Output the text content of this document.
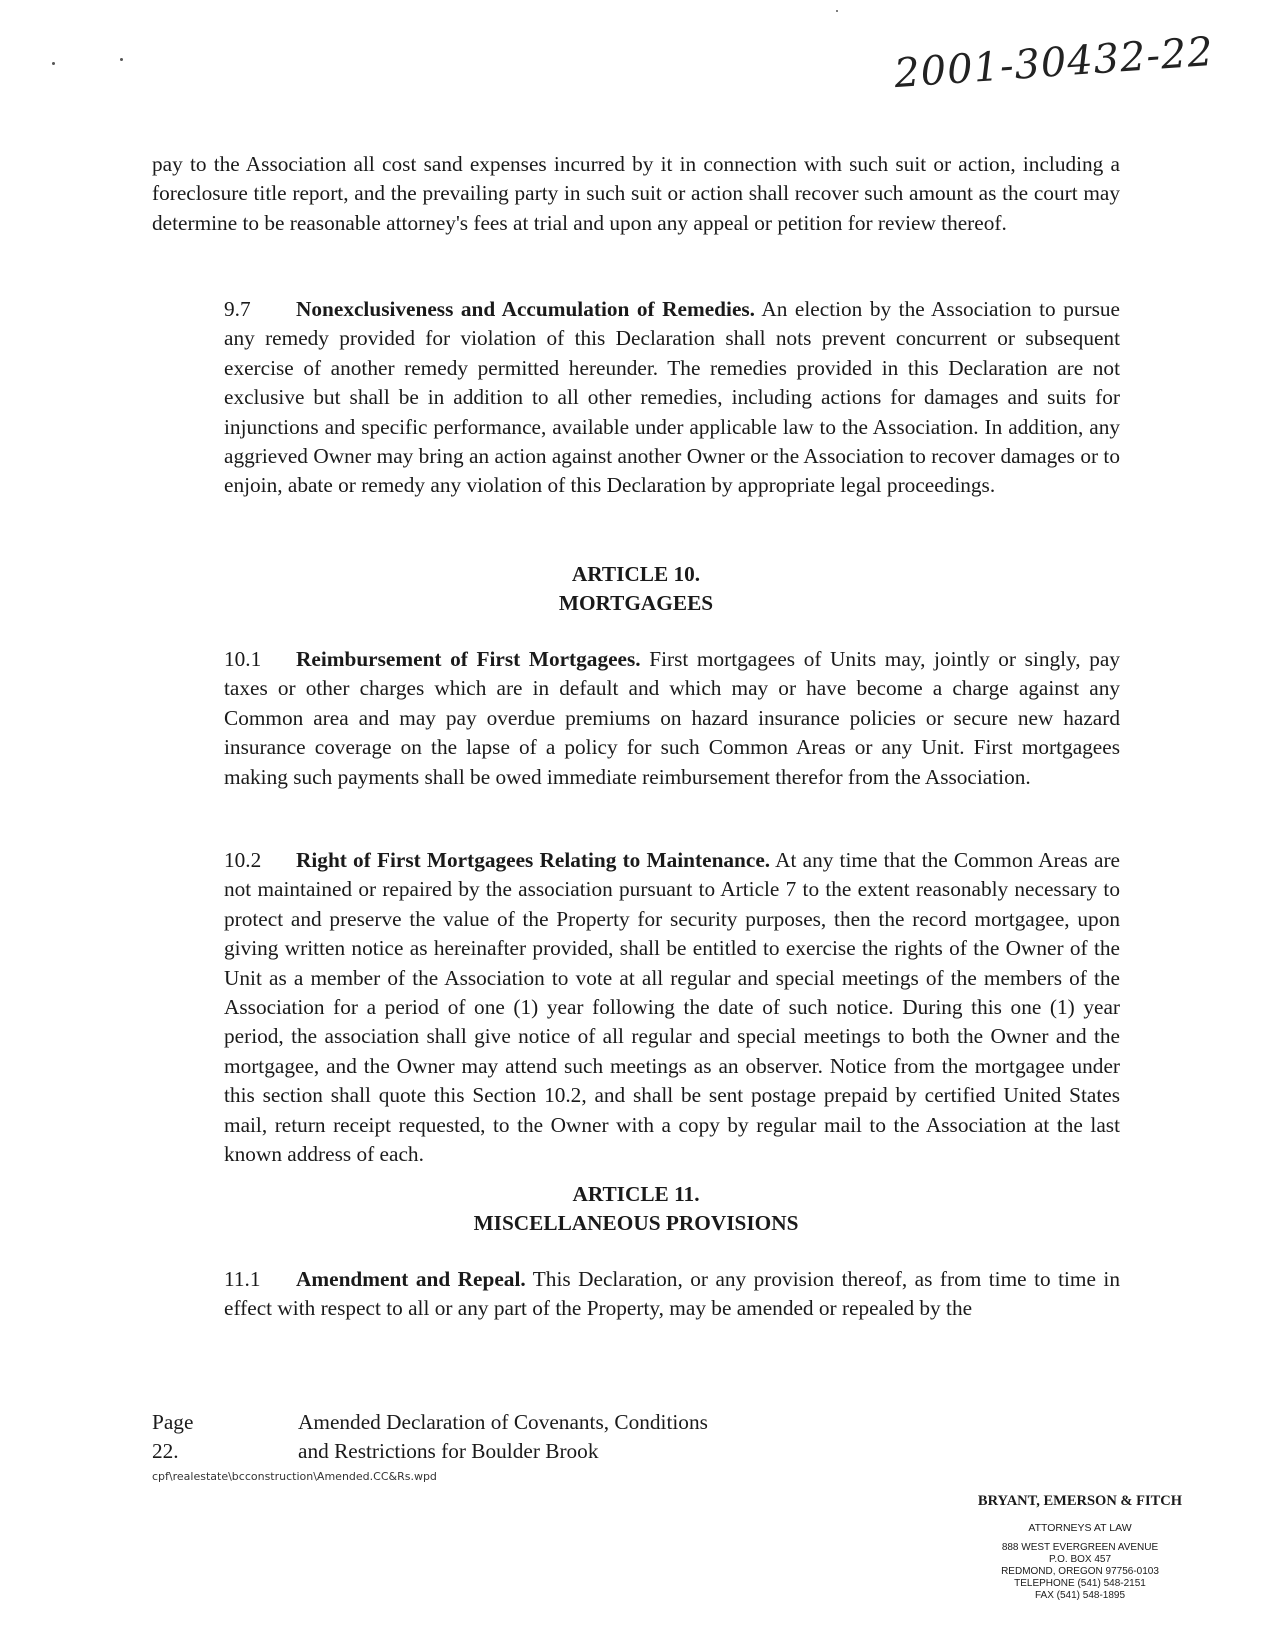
2001-30432-22

pay to the Association all cost sand expenses incurred by it in connection with such suit or action, including a foreclosure title report, and the prevailing party in such suit or action shall recover such amount as the court may determine to be reasonable attorney's fees at trial and upon any appeal or petition for review thereof.

9.7 Nonexclusiveness and Accumulation of Remedies. An election by the Association to pursue any remedy provided for violation of this Declaration shall nots prevent concurrent or subsequent exercise of another remedy permitted hereunder. The remedies provided in this Declaration are not exclusive but shall be in addition to all other remedies, including actions for damages and suits for injunctions and specific performance, available under applicable law to the Association. In addition, any aggrieved Owner may bring an action against another Owner or the Association to recover damages or to enjoin, abate or remedy any violation of this Declaration by appropriate legal proceedings.

ARTICLE 10.
MORTGAGEES

10.1 Reimbursement of First Mortgagees. First mortgagees of Units may, jointly or singly, pay taxes or other charges which are in default and which may or have become a charge against any Common area and may pay overdue premiums on hazard insurance policies or secure new hazard insurance coverage on the lapse of a policy for such Common Areas or any Unit. First mortgagees making such payments shall be owed immediate reimbursement therefor from the Association.

10.2 Right of First Mortgagees Relating to Maintenance. At any time that the Common Areas are not maintained or repaired by the association pursuant to Article 7 to the extent reasonably necessary to protect and preserve the value of the Property for security purposes, then the record mortgagee, upon giving written notice as hereinafter provided, shall be entitled to exercise the rights of the Owner of the Unit as a member of the Association to vote at all regular and special meetings of the members of the Association for a period of one (1) year following the date of such notice. During this one (1) year period, the association shall give notice of all regular and special meetings to both the Owner and the mortgagee, and the Owner may attend such meetings as an observer. Notice from the mortgagee under this section shall quote this Section 10.2, and shall be sent postage prepaid by certified United States mail, return receipt requested, to the Owner with a copy by regular mail to the Association at the last known address of each.

ARTICLE 11.
MISCELLANEOUS PROVISIONS

11.1 Amendment and Repeal. This Declaration, or any provision thereof, as from time to time in effect with respect to all or any part of the Property, may be amended or repealed by the

Page 22.
Amended Declaration of Covenants, Conditions
and Restrictions for Boulder Brook
cpf\realestate\bcconstruction\Amended.CC&Rs.wpd
BRYANT, EMERSON & FITCH
ATTORNEYS AT LAW
888 WEST EVERGREEN AVENUE
P.O. BOX 457
REDMOND, OREGON 97756-0103
TELEPHONE (541) 548-2151
FAX (541) 548-1895
